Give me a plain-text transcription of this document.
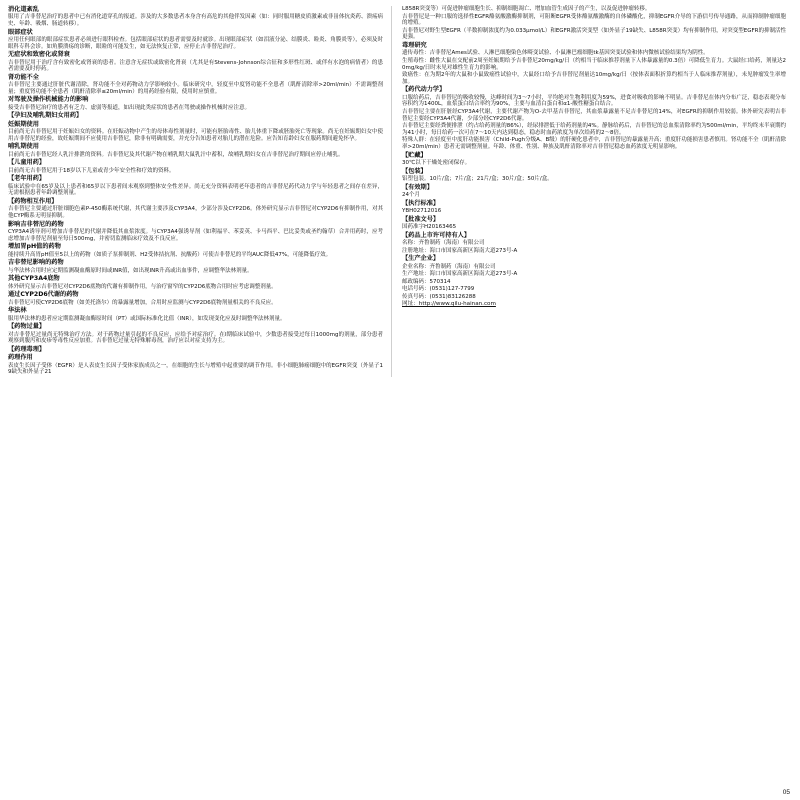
消化道紊乱
服用了吉非替尼治疗的患者中已有消化道穿孔的报道。涉及的大多数患者本身含有高危的其他伴发因素（如：同时服用糖皮质激素或非甾体抗炎药、溃疡病史、年龄、吸烟、肠道转移）。
眼部症状
应用任何眼部的眼部症状患者必须进行眼科检查。包括眼部症状的患者需要及时就诊。出现眼部症状（如泪液分泌、结膜炎、睑炎、角膜炎等），必须及时眼科专科会诊。如角膜溃疡的诊断，眼睑的可能发生，如无法恢复正常，应停止吉非替尼治疗。
无症状和致密化或肾衰
吉非替尼用于治疗含有致密化或肾衰的患者。注意含无症状或致密化肾衰（尤其是有Stevens-Johnson综合征和多形性红斑、或伴有水泡的病情者）的患者需要及时停药。
肾功能不全
吉非替尼主要通过肝脏代谢清除，肾功能不全对药物动力学影响较小。临床研究中，轻度至中度肾功能不全患者（肌酐清除率>20ml/min）不需调整剂量；重度肾功能不全患者（肌酐清除率≤20ml/min）的用药经验有限，使用时应慎重。
对驾驶及操作机械能力的影响
接受吉非替尼治疗的患者有乏力、虚弱等报道，如出现此类症状的患者在驾驶或操作机械时应注意。
【孕妇及哺乳期妇女用药】
妊娠期使用
目前尚无吉非替尼用于妊娠妇女的资料。在妊娠动物中产生的母体毒性剂量时，可能有胚胎毒性、胎儿体重下降或胚胎死亡等现象。尚无在妊娠期妇女中使用吉非替尼的经验，故妊娠期间不应使用吉非替尼，除非有明确需要，并充分告知患者对胎儿的潜在危险。应告知育龄妇女在服药期间避免怀孕。
哺乳期使用
目前尚无吉非替尼经人乳汁排泄的资料。吉非替尼及其代谢产物在哺乳期大鼠乳汁中蓄积，故哺乳期妇女在吉非替尼治疗期间应停止哺乳。
【儿童用药】
目前尚无吉非替尼用于18岁以下儿童或青少年安全性和疗效的资料。
【老年用药】
临床试验中在65岁及以上患者和65岁以下患者间未观察到整体安全性差异。尚无充分资料表明老年患者的吉非替尼药代动力学与年轻患者之间存在差异，无需根据患者年龄调整剂量。
【药物相互作用】
吉非替尼主要通过肝脏细胞色素P-450酶系统代谢，其代谢主要涉及CYP3A4，少部分涉及CYP2D6。体外研究显示吉非替尼对CYP2D6有抑制作用，对其他CYP酶系无明显抑制。
影响吉非替尼的药物
CYP3A4诱导剂可增加吉非替尼的代谢并降低其血浆浓度。与CYP3A4强诱导剂（如利福平、苯妥英、卡马西平、巴比妥类或圣约翰草）合并用药时，应考虑增加吉非替尼剂量至每日500mg，并密切监测临床疗效及不良反应。
增加胃pH值的药物
能持续升高胃pH值至5以上的药物（如质子泵抑制剂、H2受体拮抗剂、抗酸药）可使吉非替尼的平均AUC降低47%，可能降低疗效。
吉非替尼影响的药物
与华法林合用时应定期监测凝血酶原时间或INR值，如出现INR升高或出血事件，应调整华法林剂量。
其他CYP3A4底物
体外研究显示吉非替尼对CYP2D6底物的代谢有抑制作用，与治疗窗窄的CYP2D6底物合用时应考虑调整剂量。
通过CYP2D6代谢的药物
吉非替尼可使CYP2D6底物（如美托洛尔）的暴露量增加，合用时应监测与CYP2D6底物剂量相关的不良反应。
华法林
服用华法林的患者应定期监测凝血酶原时间（PT）或国际标准化比值（INR），如发现变化应及时调整华法林剂量。
【药物过量】
对吉非替尼过量尚无特殊治疗方法。对于药物过量引起的不良反应，应给予对症治疗。在I期临床试验中，少数患者接受过每日1000mg的剂量，部分患者观察到腹泻和皮疹等毒性反应加重。吉非替尼过量无特殊解毒剂，治疗应以对症支持为主。
【药理毒理】
药理作用
表皮生长因子受体（EGFR）是人表皮生长因子受体家族成员之一，在细胞的生长与增殖中起重要的调节作用。非小细胞肺癌细胞中的EGFR突变（外显子19缺失和外显子21
L858R突变等）可促进肿瘤细胞生长、抑制细胞凋亡、增加血管生成因子的产生，以及促进肿瘤转移。
吉非替尼是一种口服的选择性EGFR酪氨酸激酶抑制剂，可阻断EGFR受体酪氨酸激酶的自体磷酸化，抑制EGFR介导的下游信号传导通路，从而抑制肿瘤细胞的增殖。
吉非替尼对野生型EGFR（半数抑制浓度约为0.033μmol/L）和EGFR激活突变型（如外显子19缺失、L858R突变）均有抑制作用，对突变型EGFR的抑制活性更强。
毒理研究
遗传毒性：吉非替尼Ames试验、人淋巴细胞染色体畸变试验、小鼠淋巴瘤细胞tk基因突变试验和体内微核试验结果均为阴性。
生殖毒性：雌性大鼠在交配前2周至妊娠期给予吉非替尼20mg/kg/日（约相当于临床推荐剂量下人体暴露量的0.3倍）可降低生育力。大鼠经口给药，剂量达20mg/kg/日时未见对雄性生育力的影响。
致癌性：在为期2年的大鼠和小鼠致癌性试验中，大鼠经口给予吉非替尼剂量达10mg/kg/日（按体表面积折算约相当于人临床推荐剂量），未见肿瘤发生率增加。
【药代动力学】
口服给药后，吉非替尼的吸收较慢，达峰时间为3～7小时，平均绝对生物利用度为59%，进食对吸收的影响不明显。吉非替尼在体内分布广泛，稳态表观分布容积约为1400L，血浆蛋白结合率约为90%，主要与血清白蛋白和α1-酸性糖蛋白结合。
吉非替尼主要在肝脏经CYP3A4代谢，主要代谢产物为O-去甲基吉非替尼，其血浆暴露量不足吉非替尼的14%，对EGFR的抑制作用较弱。体外研究表明吉非替尼主要经CYP3A4代谢，少部分经CYP2D6代谢。
吉非替尼主要经粪便排泄（约占给药剂量的86%），经尿排泄低于给药剂量的4%。静脉给药后，吉非替尼的总血浆清除率约为500ml/min，平均终末半衰期约为41小时，每日给药一次可在7～10天内达到稳态，稳态时血药浓度为单次给药的2～8倍。
特殊人群：在轻度至中度肝功能损害（Child-Pugh分级A、B级）的肝硬化患者中，吉非替尼的暴露量升高；重度肝功能损害患者慎用。肾功能不全（肌酐清除率>20ml/min）患者无需调整剂量。年龄、体重、性别、种族及肌酐清除率对吉非替尼稳态血药浓度无明显影响。
【贮藏】
30℃以下干燥处密闭保存。
【包装】
铝塑包装。10片/盒；7片/盒；21片/盒；30片/盒；50片/盒。
【有效期】
24个月
【执行标准】
YBH02712016
【批准文号】
国药准字H20163465
【药品上市许可持有人】
名称：齐鲁制药（海南）有限公司
注册地址：海口市国家高新区海南大道273号-A
【生产企业】
企业名称：齐鲁制药（海南）有限公司
生产地址：海口市国家高新区海南大道273号-A
邮政编码：570314
电话号码：(0531)127-7799
传真号码：(0531)83126288
网址：http://www.qilu-hainan.com
05
